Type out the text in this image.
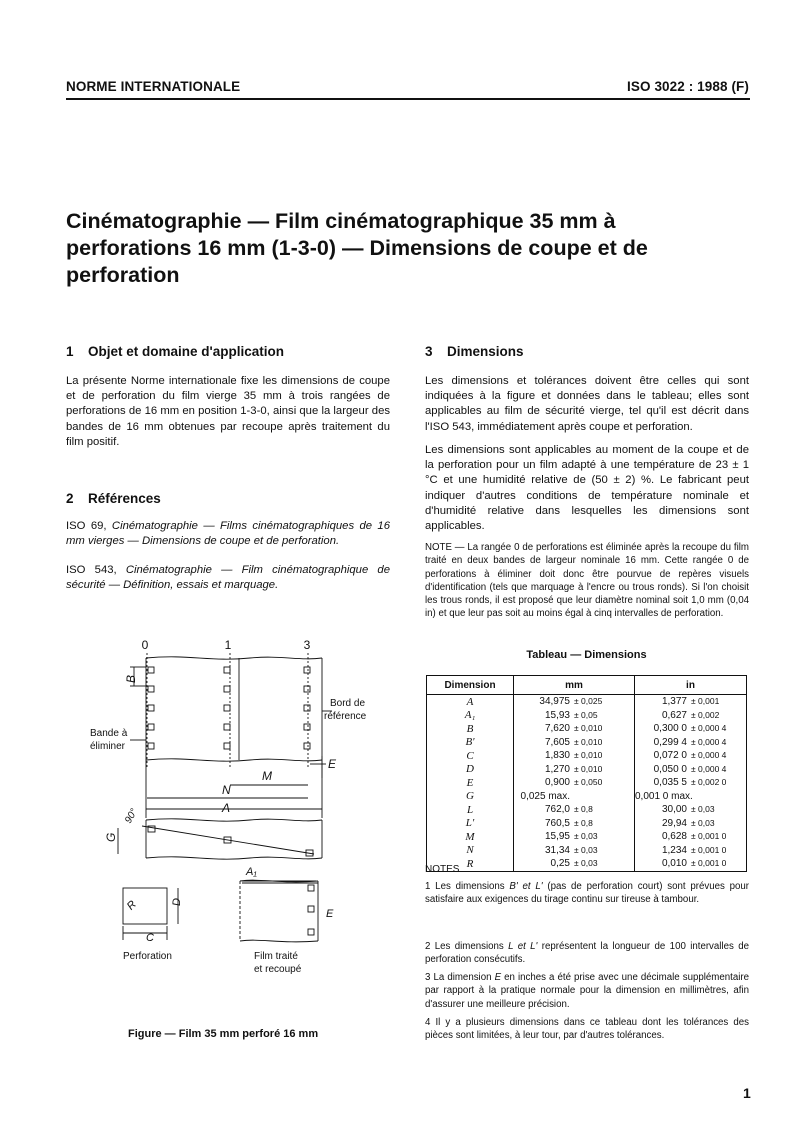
NORME INTERNATIONALE	ISO 3022 : 1988 (F)
Cinématographie — Film cinématographique 35 mm à perforations 16 mm (1-3-0) — Dimensions de coupe et de perforation
1 Objet et domaine d'application

La présente Norme internationale fixe les dimensions de coupe et de perforation du film vierge 35 mm à trois rangées de perforations de 16 mm en position 1-3-0, ainsi que la largeur des bandes de 16 mm obtenues par recoupe après traitement du film positif.

2 Références

ISO 69, Cinématographie — Films cinématographiques de 16 mm vierges — Dimensions de coupe et de perforation.

ISO 543, Cinématographie — Film cinématographique de sécurité — Définition, essais et marquage.

3 Dimensions

Les dimensions et tolérances doivent être celles qui sont indiquées à la figure et données dans le tableau; elles sont applicables au film de sécurité vierge, tel qu'il est décrit dans l'ISO 543, immédiatement après coupe et perforation.

Les dimensions sont applicables au moment de la coupe et de la perforation pour un film adapté à une température de 23 ± 1 °C et une humidité relative de (50 ± 2) %. Le fabricant peut indiquer d'autres conditions de température nominale et d'humidité relative dans lesquelles les dimensions sont applicables.

NOTE — La rangée 0 de perforations est éliminée après la recoupe du film traité en deux bandes de largeur nominale 16 mm. Cette rangée 0 de perforations à éliminer doit donc être pourvue de repères visuels d'identification (tels que marquage à l'encre ou trous ronds). Si l'on choisit les trous ronds, il est proposé que leur diamètre nominal soit 1,0 mm (0,04 in) et que leur pas soit au moins égal à cinq intervalles de perforation.

Tableau — Dimensions
Dimension	mm	in
A	34,975 ± 0,025	1,377 ± 0,001
A₁	15,93 ± 0,05	0,627 ± 0,002
B	7,620 ± 0,010	0,300 0 ± 0,000 4
B'	7,605 ± 0,010	0,299 4 ± 0,000 4
C	1,830 ± 0,010	0,072 0 ± 0,000 4
D	1,270 ± 0,010	0,050 0 ± 0,000 4
E	0,900 ± 0,050	0,035 5 ± 0,002 0
G	0,025 max.	0,001 0 max.
L	762,0 ± 0,8	30,00 ± 0,03
L'	760,5 ± 0,8	29,94 ± 0,03
M	15,95 ± 0,03	0,628 ± 0,001 0
N	31,34 ± 0,03	1,234 ± 0,001 0
R	0,25 ± 0,03	0,010 ± 0,001 0
NOTES

1 Les dimensions B' et L' (pas de perforation court) sont prévues pour satisfaire aux exigences du tirage continu sur tireuse à tambour.

2 Les dimensions L et L' représentent la longueur de 100 intervalles de perforation consécutifs.

3 La dimension E en inches a été prise avec une décimale supplémentaire par rapport à la pratique normale pour la dimension en millimètres, afin d'assurer une meilleure précision.

4 Il y a plusieurs dimensions dans ce tableau dont les tolérances des pièces sont limitées, à leur tour, par d'autres tolérances.

0	1	3
B
Bord de
référence
Bande à
éliminer
E
M
N
A
90°
G
R	D
C
Perforation
A₁
E
Film traité
et recoupé
Figure — Film 35 mm perforé 16 mm
1
